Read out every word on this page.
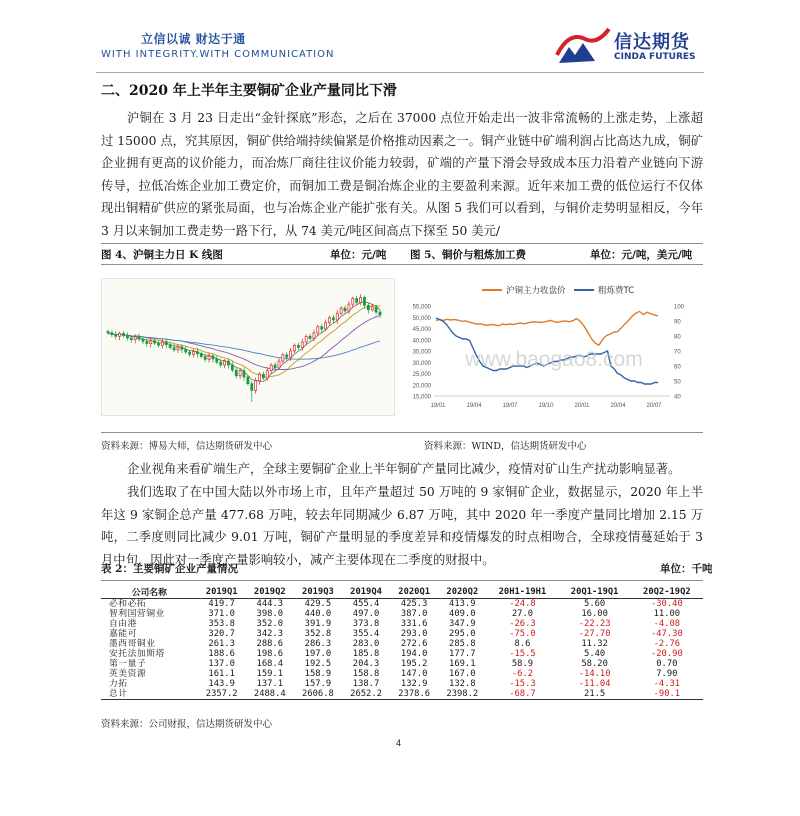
立信以诚 财达于通
WITH INTEGRITY.WITH COMMUNICATION
信达期货
CINDA FUTURES
二、2020 年上半年主要铜矿企业产量同比下滑

沪铜在 3 月 23 日走出“金针探底”形态，之后在 37000 点位开始走出一波非常流畅的上涨走势，上涨超过 15000 点，究其原因，铜矿供给端持续偏紧是价格推动因素之一。铜产业链中矿端利润占比高达九成，铜矿企业拥有更高的议价能力，而冶炼厂商往往议价能力较弱，矿端的产量下滑会导致成本压力沿着产业链向下游传导，拉低冶炼企业加工费定价，而铜加工费是铜冶炼企业的主要盈利来源。近年来加工费的低位运行不仅体现出铜精矿供应的紧张局面，也与冶炼企业产能扩张有关。从图 5 我们可以看到，与铜价走势明显相反，今年 3 月以来铜加工费走势一路下行，从 74 美元/吨区间高点下探至 50 美元/

图 4、沪铜主力日 K 线图	单位：元/吨 图 5、铜价与粗炼加工费	单位：元/吨，美元/吨
沪铜主力收盘价	粗炼费TC
55,000
50,000
45,000
40,000
35,000
30,000
25,000
20,000
15,000
100
90
80
70
60
50
40
19/01	19/04	19/07	19/10	20/01	20/04	20/07
www.baogao8.com
资料来源：博易大师，信达期货研发中心	资料来源：WIND，信达期货研发中心

企业视角来看矿端生产，全球主要铜矿企业上半年铜矿产量同比减少，疫情对矿山生产扰动影响显著。

我们选取了在中国大陆以外市场上市，且年产量超过 50 万吨的 9 家铜矿企业，数据显示，2020 年上半年这 9 家铜企总产量 477.68 万吨，较去年同期减少 6.87 万吨，其中 2020 年一季度产量同比增加 2.15 万吨，二季度则同比减少 9.01 万吨，铜矿产量明显的季度差异和疫情爆发的时点相吻合，全球疫情蔓延始于 3 月中旬，因此对一季度产量影响较小，减产主要体现在二季度的财报中。

表 2：主要铜矿企业产量情况	单位：千吨
公司名称	2019Q1	2019Q2	2019Q3	2019Q4	2020Q1	2020Q2	20H1-19H1	20Q1-19Q1	20Q2-19Q2
必和必拓	419.7	444.3	429.5	455.4	425.3	413.9	-24.8	5.60	-30.40
智利国营铜业	371.0	398.0	440.0	497.0	387.0	409.0	27.0	16.00	11.00
自由港	353.8	352.0	391.9	373.8	331.6	347.9	-26.3	-22.23	-4.08
嘉能可	320.7	342.3	352.8	355.4	293.0	295.0	-75.0	-27.70	-47.30
墨西哥铜业	261.3	288.6	286.3	283.0	272.6	285.8	8.6	11.32	-2.76
安托法加斯塔	188.6	198.6	197.0	185.8	194.0	177.7	-15.5	5.40	-20.90
第一量子	137.0	168.4	192.5	204.3	195.2	169.1	58.9	58.20	0.70
英美资源	161.1	159.1	158.9	158.8	147.0	167.0	-6.2	-14.10	7.90
力拓	143.9	137.1	157.9	138.7	132.9	132.8	-15.3	-11.04	-4.31
总计	2357.2	2488.4	2606.8	2652.2	2378.6	2398.2	-68.7	21.5	-90.1
资料来源：公司财报，信达期货研发中心
4
